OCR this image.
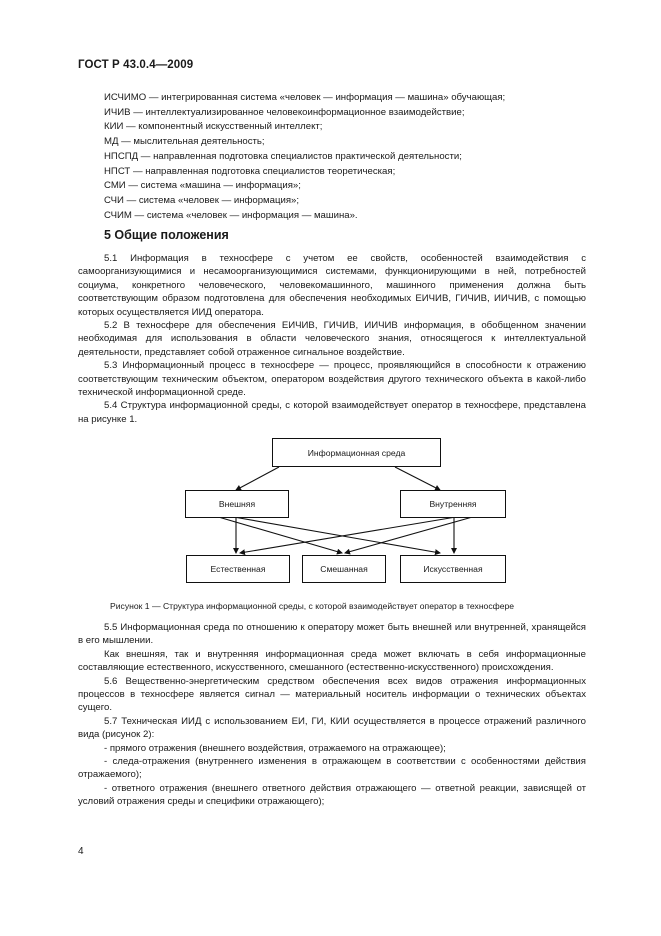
ГОСТ Р 43.0.4—2009
ИСЧИМО — интегрированная система «человек — информация — машина» обучающая;
ИЧИВ — интеллектуализированное человекоинформационное взаимодействие;
КИИ — компонентный искусственный интеллект;
МД — мыслительная деятельность;
НПСПД — направленная подготовка специалистов практической деятельности;
НПСТ — направленная подготовка специалистов теоретическая;
СМИ — система «машина — информация»;
СЧИ — система «человек — информация»;
СЧИМ — система «человек — информация — машина».
5 Общие положения

5.1 Информация в техносфере с учетом ее свойств, особенностей взаимодействия с самоорганизующимися и несамоорганизующимися системами, функционирующими в ней, потребностей социума, конкретного человеческого, человекомашинного, машинного применения должна быть соответствующим образом подготовлена для обеспечения необходимых ЕИЧИВ, ГИЧИВ, ИИЧИВ, с помощью которых осуществляется ИИД оператора.

5.2 В техносфере для обеспечения ЕИЧИВ, ГИЧИВ, ИИЧИВ информация, в обобщенном значении необходимая для использования в области человеческого знания, относящегося к интеллектуальной деятельности, представляет собой отраженное сигнальное воздействие.

5.3 Информационный процесс в техносфере — процесс, проявляющийся в способности к отражению соответствующим техническим объектом, оператором воздействия другого технического объекта в какой-либо технической информационной среде.

5.4 Структура информационной среды, с которой взаимодействует оператор в техносфере, представлена на рисунке 1.

Информационная среда
Внешняя	Внутренняя
Естественная	Смешанная	Искусственная
Рисунок 1 — Структура информационной среды, с которой взаимодействует оператор в техносфере

5.5 Информационная среда по отношению к оператору может быть внешней или внутренней, хранящейся в его мышлении.

Как внешняя, так и внутренняя информационная среда может включать в себя информационные составляющие естественного, искусственного, смешанного (естественно-искусственного) происхождения.

5.6 Вещественно-энергетическим средством обеспечения всех видов отражения информационных процессов в техносфере является сигнал — материальный носитель информации о технических объектах сущего.

5.7 Техническая ИИД с использованием ЕИ, ГИ, КИИ осуществляется в процессе отражений различного вида (рисунок 2):

- прямого отражения (внешнего воздействия, отражаемого на отражающее);

- следа-отражения (внутреннего изменения в отражающем в соответствии с особенностями действия отражаемого);

- ответного отражения (внешнего ответного действия отражающего — ответной реакции, зависящей от условий отражения среды и специфики отражающего);

4
